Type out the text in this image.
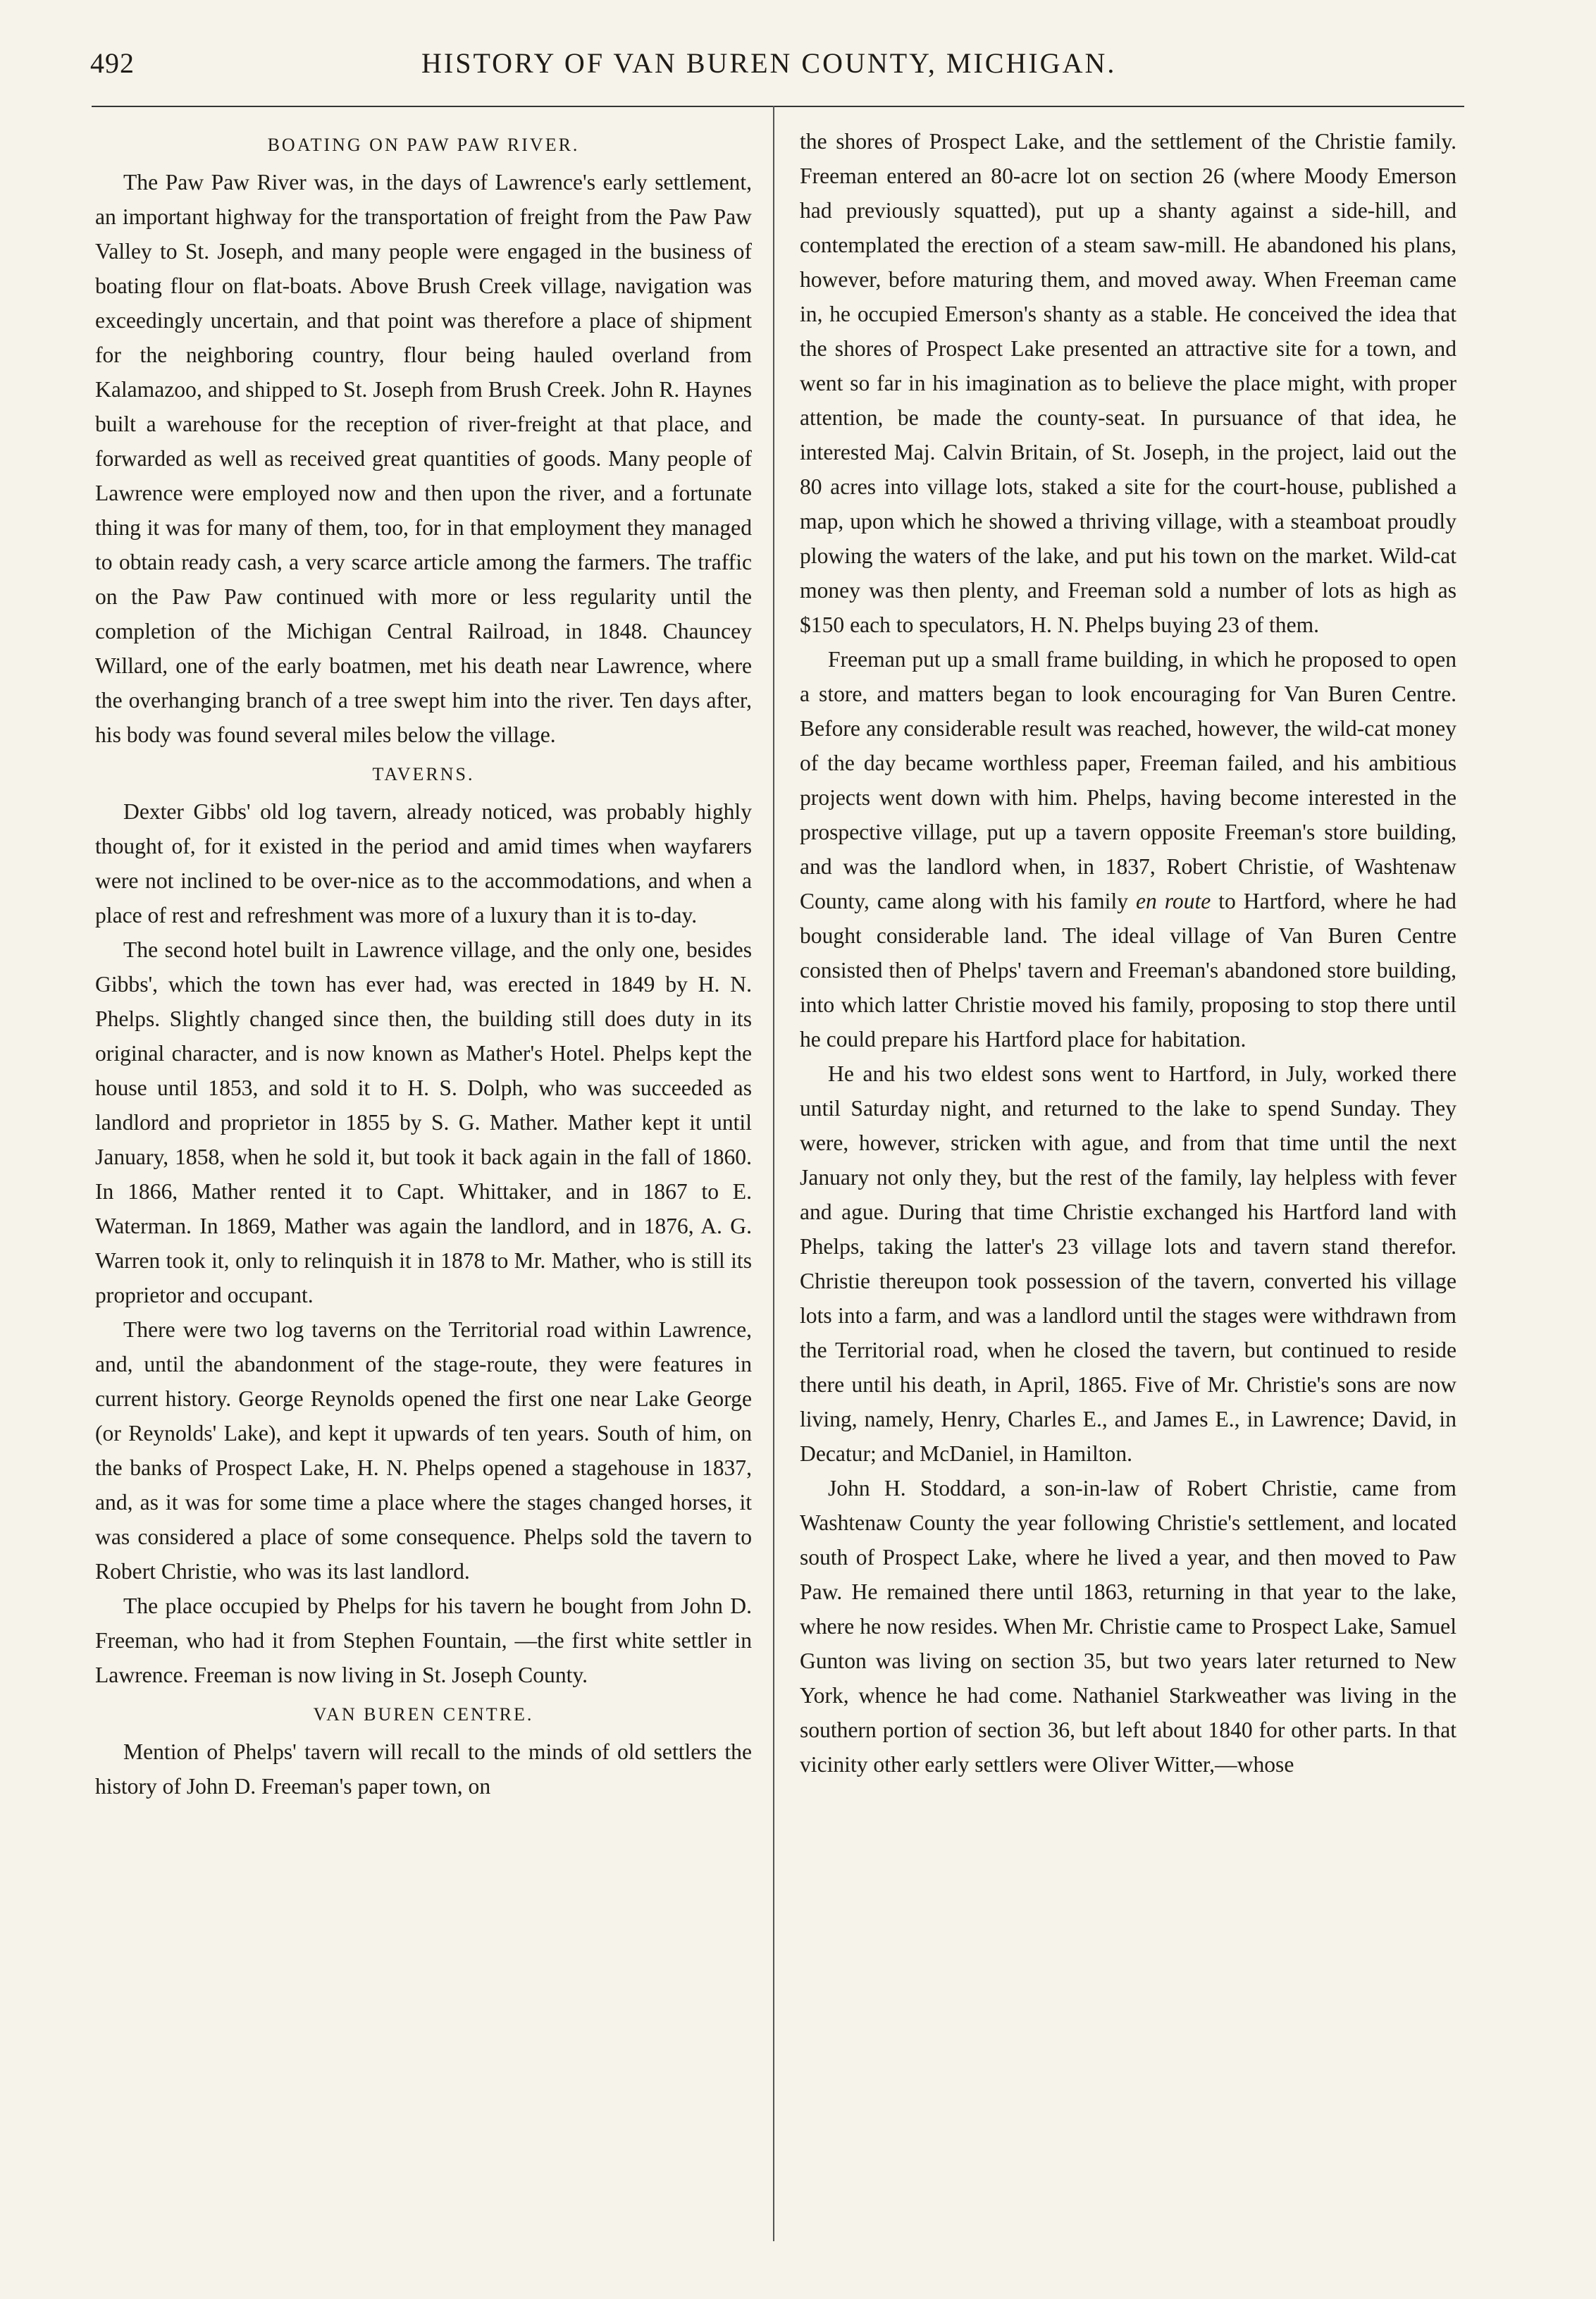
492	HISTORY OF VAN BUREN COUNTY, MICHIGAN.
BOATING ON PAW PAW RIVER.

The Paw Paw River was, in the days of Lawrence's early settlement, an important highway for the transportation of freight from the Paw Paw Valley to St. Joseph, and many people were engaged in the business of boating flour on flat-boats. Above Brush Creek village, navigation was exceedingly uncertain, and that point was therefore a place of shipment for the neighboring country, flour being hauled overland from Kalamazoo, and shipped to St. Joseph from Brush Creek. John R. Haynes built a warehouse for the reception of river-freight at that place, and forwarded as well as received great quantities of goods. Many people of Lawrence were employed now and then upon the river, and a fortunate thing it was for many of them, too, for in that employment they managed to obtain ready cash, a very scarce article among the farmers. The traffic on the Paw Paw continued with more or less regularity until the completion of the Michigan Central Railroad, in 1848. Chauncey Willard, one of the early boatmen, met his death near Lawrence, where the overhanging branch of a tree swept him into the river. Ten days after, his body was found several miles below the village.

TAVERNS.

Dexter Gibbs' old log tavern, already noticed, was probably highly thought of, for it existed in the period and amid times when wayfarers were not inclined to be over-nice as to the accommodations, and when a place of rest and refreshment was more of a luxury than it is to-day.

The second hotel built in Lawrence village, and the only one, besides Gibbs', which the town has ever had, was erected in 1849 by H. N. Phelps. Slightly changed since then, the building still does duty in its original character, and is now known as Mather's Hotel. Phelps kept the house until 1853, and sold it to H. S. Dolph, who was succeeded as landlord and proprietor in 1855 by S. G. Mather. Mather kept it until January, 1858, when he sold it, but took it back again in the fall of 1860. In 1866, Mather rented it to Capt. Whittaker, and in 1867 to E. Waterman. In 1869, Mather was again the landlord, and in 1876, A. G. Warren took it, only to relinquish it in 1878 to Mr. Mather, who is still its proprietor and occupant.

There were two log taverns on the Territorial road within Lawrence, and, until the abandonment of the stage-route, they were features in current history. George Reynolds opened the first one near Lake George (or Reynolds' Lake), and kept it upwards of ten years. South of him, on the banks of Prospect Lake, H. N. Phelps opened a stagehouse in 1837, and, as it was for some time a place where the stages changed horses, it was considered a place of some consequence. Phelps sold the tavern to Robert Christie, who was its last landlord.

The place occupied by Phelps for his tavern he bought from John D. Freeman, who had it from Stephen Fountain, —the first white settler in Lawrence. Freeman is now living in St. Joseph County.

VAN BUREN CENTRE.

Mention of Phelps' tavern will recall to the minds of old settlers the history of John D. Freeman's paper town, on

the shores of Prospect Lake, and the settlement of the Christie family. Freeman entered an 80-acre lot on section 26 (where Moody Emerson had previously squatted), put up a shanty against a side-hill, and contemplated the erection of a steam saw-mill. He abandoned his plans, however, before maturing them, and moved away. When Freeman came in, he occupied Emerson's shanty as a stable. He conceived the idea that the shores of Prospect Lake presented an attractive site for a town, and went so far in his imagination as to believe the place might, with proper attention, be made the county-seat. In pursuance of that idea, he interested Maj. Calvin Britain, of St. Joseph, in the project, laid out the 80 acres into village lots, staked a site for the court-house, published a map, upon which he showed a thriving village, with a steamboat proudly plowing the waters of the lake, and put his town on the market. Wild-cat money was then plenty, and Freeman sold a number of lots as high as $150 each to speculators, H. N. Phelps buying 23 of them.

Freeman put up a small frame building, in which he proposed to open a store, and matters began to look encouraging for Van Buren Centre. Before any considerable result was reached, however, the wild-cat money of the day became worthless paper, Freeman failed, and his ambitious projects went down with him. Phelps, having become interested in the prospective village, put up a tavern opposite Freeman's store building, and was the landlord when, in 1837, Robert Christie, of Washtenaw County, came along with his family en route to Hartford, where he had bought considerable land. The ideal village of Van Buren Centre consisted then of Phelps' tavern and Freeman's abandoned store building, into which latter Christie moved his family, proposing to stop there until he could prepare his Hartford place for habitation.

He and his two eldest sons went to Hartford, in July, worked there until Saturday night, and returned to the lake to spend Sunday. They were, however, stricken with ague, and from that time until the next January not only they, but the rest of the family, lay helpless with fever and ague. During that time Christie exchanged his Hartford land with Phelps, taking the latter's 23 village lots and tavern stand therefor. Christie thereupon took possession of the tavern, converted his village lots into a farm, and was a landlord until the stages were withdrawn from the Territorial road, when he closed the tavern, but continued to reside there until his death, in April, 1865. Five of Mr. Christie's sons are now living, namely, Henry, Charles E., and James E., in Lawrence; David, in Decatur; and McDaniel, in Hamilton.

John H. Stoddard, a son-in-law of Robert Christie, came from Washtenaw County the year following Christie's settlement, and located south of Prospect Lake, where he lived a year, and then moved to Paw Paw. He remained there until 1863, returning in that year to the lake, where he now resides. When Mr. Christie came to Prospect Lake, Samuel Gunton was living on section 35, but two years later returned to New York, whence he had come. Nathaniel Starkweather was living in the southern portion of section 36, but left about 1840 for other parts. In that vicinity other early settlers were Oliver Witter,—whose
